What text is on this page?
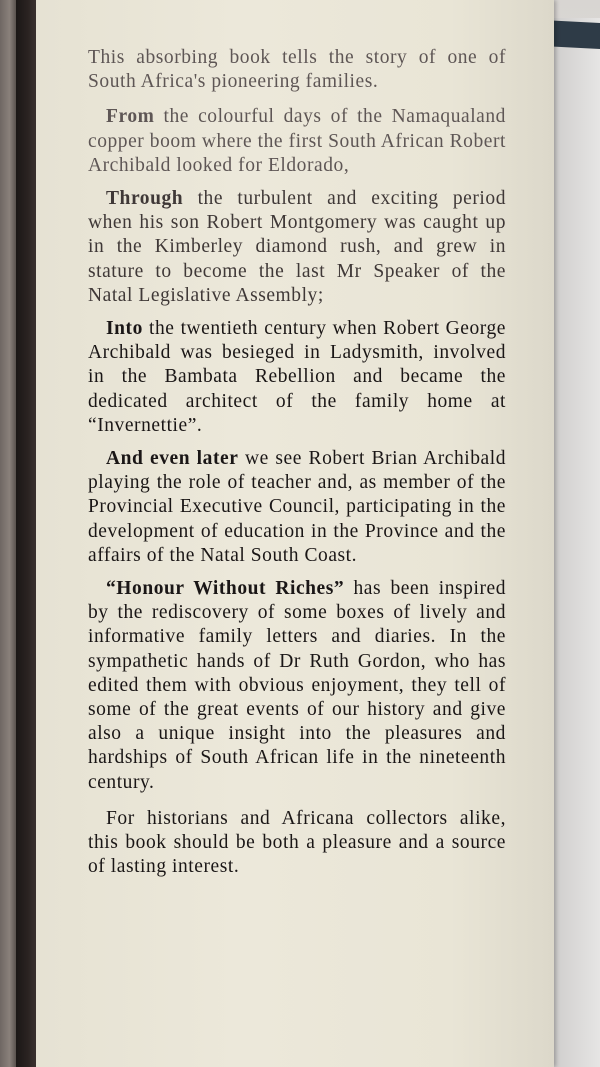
This absorbing book tells the story of one of South Africa's pioneering families.

From the colourful days of the Namaqualand copper boom where the first South African Robert Archibald looked for Eldorado,

Through the turbulent and exciting period when his son Robert Montgomery was caught up in the Kimberley diamond rush, and grew in stature to become the last Mr Speaker of the Natal Legislative Assembly;

Into the twentieth century when Robert George Archibald was besieged in Ladysmith, involved in the Bambata Rebellion and became the dedicated architect of the family home at “Invernettie”.

And even later we see Robert Brian Archibald playing the role of teacher and, as member of the Provincial Executive Council, participating in the development of education in the Province and the affairs of the Natal South Coast.

“Honour Without Riches” has been inspired by the rediscovery of some boxes of lively and informative family letters and diaries. In the sympathetic hands of Dr Ruth Gordon, who has edited them with obvious enjoyment, they tell of some of the great events of our history and give also a unique insight into the pleasures and hardships of South African life in the nineteenth century.

For historians and Africana collectors alike, this book should be both a pleasure and a source of lasting interest.
